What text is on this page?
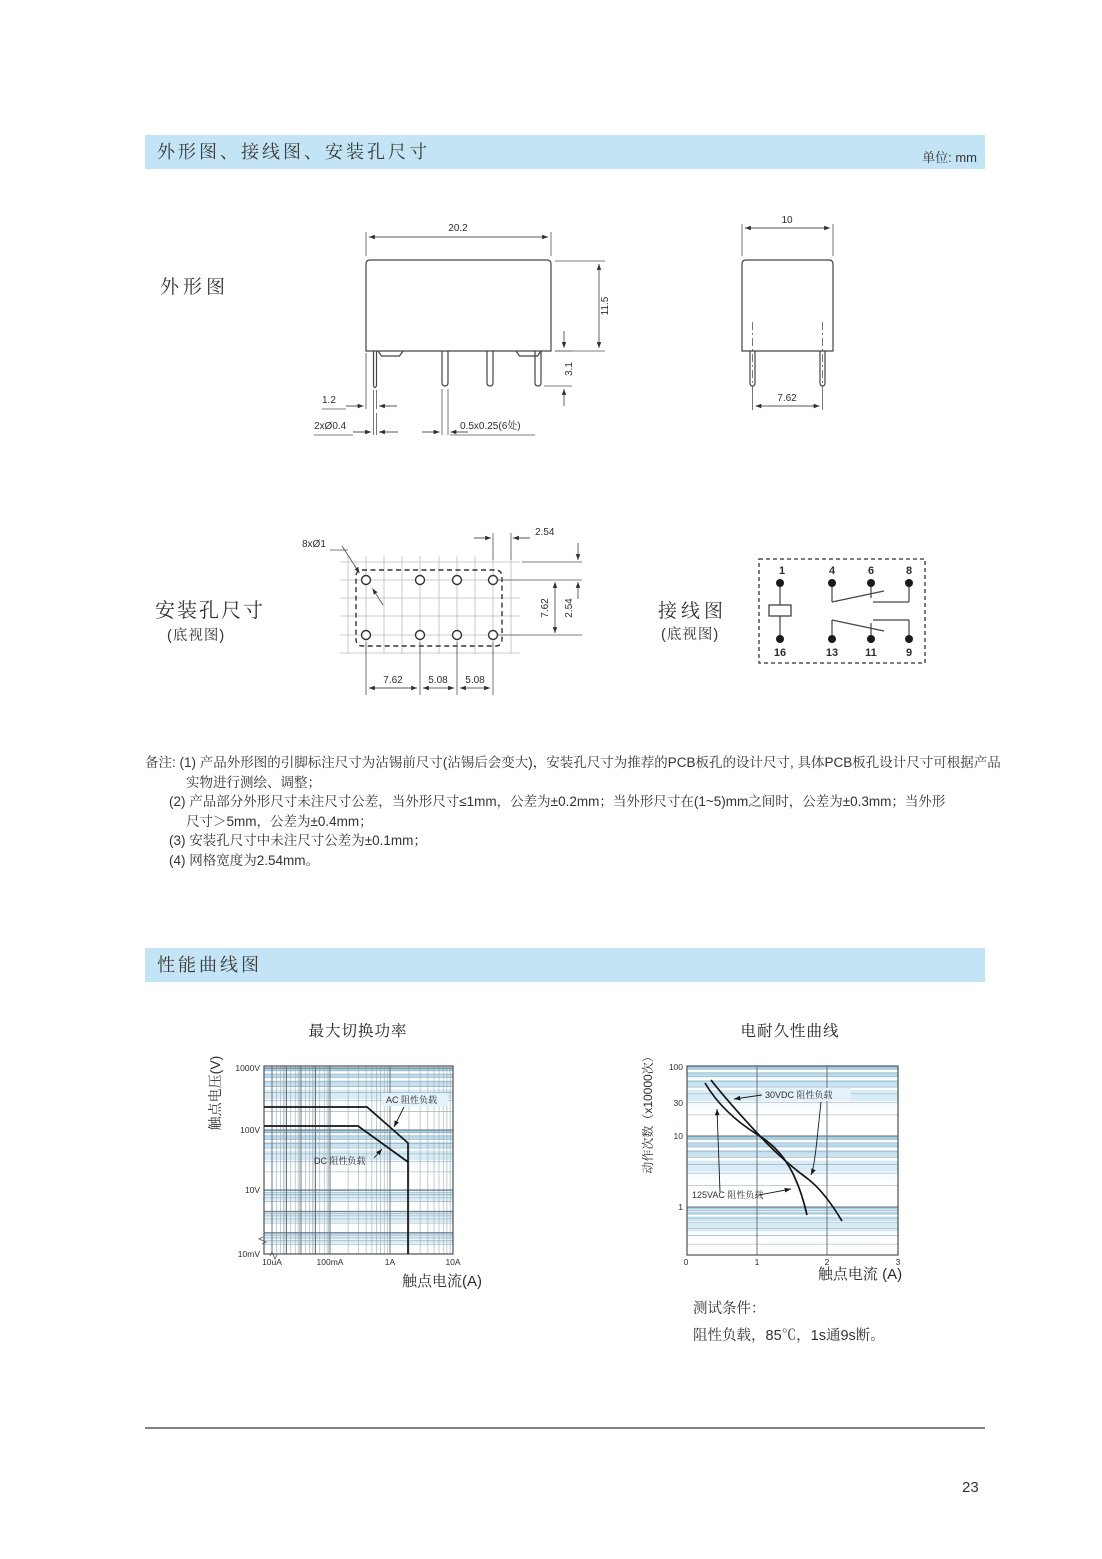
外形图、接线图、安装孔尺寸	单位: mm
外形图
20.2
11.5
3.1
1.2
2xØ0.4	0.5x0.25(6处)
10
7.62
安装孔尺寸
(底视图)
8xØ1
2.54
7.62 2.54
7.62	5.08 5.08
接线图
(底视图)
1	4	6	8
16	13 11	9
备注: (1) 产品外形图的引脚标注尺寸为沾锡前尺寸(沾锡后会变大)，安装孔尺寸为推荐的PCB板孔的设计尺寸, 具体PCB板孔设计尺寸可根据产品
实物进行测绘、调整；
(2) 产品部分外形尺寸未注尺寸公差，当外形尺寸≤1mm，公差为±0.2mm；当外形尺寸在(1~5)mm之间时，公差为±0.3mm；当外形
尺寸＞5mm，公差为±0.4mm；
(3) 安装孔尺寸中未注尺寸公差为±0.1mm；
(4) 网格宽度为2.54mm。
性能曲线图
最大切换功率	电耐久性曲线
AC 阻性负载
DC 阻性负载
1000V
100V
10V
10mV
10uA	100mA	1A	10A
触点电压(V)
触点电流(A)
30VDC 阻性负载
125VAC 阻性负载
100
30
10
1
0	1	2	3
动作次数（x10000次）
触点电流 (A)
测试条件：
阻性负载，85℃，1s通9s断。
23
